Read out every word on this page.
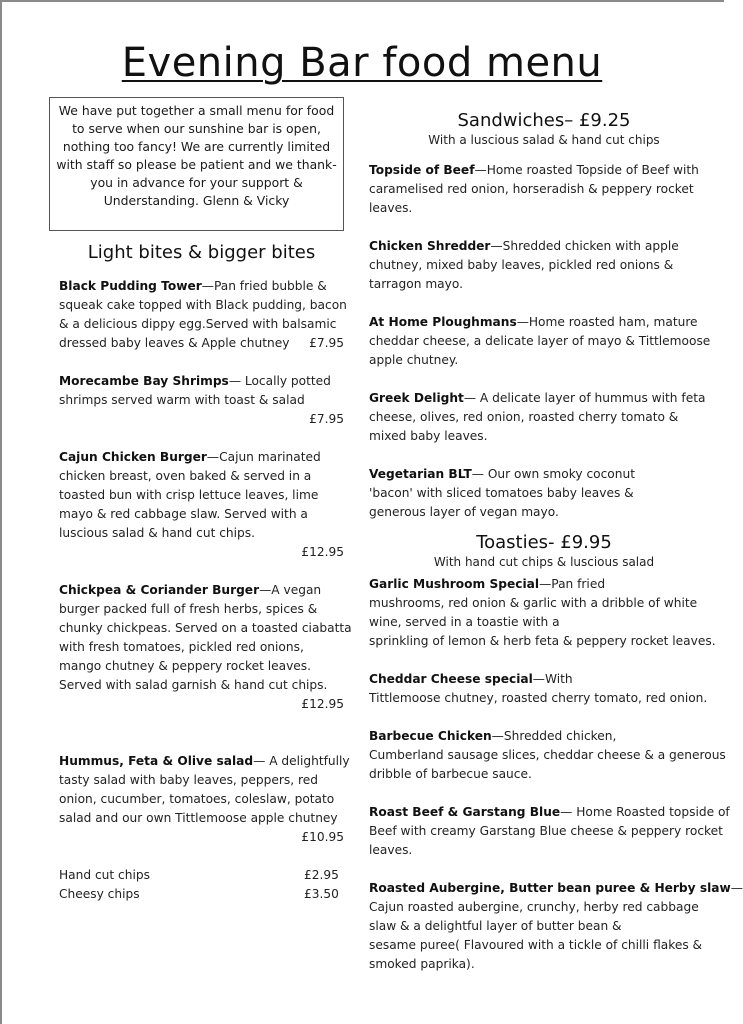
Evening Bar food menu
We have put together a small menu for food
to serve when our sunshine bar is open,
nothing too fancy! We are currently limited
with staff so please be patient and we thank-
you in advance for your support &
Understanding. Glenn & Vicky
Light bites & bigger bites
Black Pudding Tower—Pan fried bubble &
squeak cake topped with Black pudding, bacon
& a delicious dippy egg.Served with balsamic
dressed baby leaves & Apple chutney £7.95
Morecambe Bay Shrimps— Locally potted
shrimps served warm with toast & salad
£7.95
Cajun Chicken Burger—Cajun marinated
chicken breast, oven baked & served in a
toasted bun with crisp lettuce leaves, lime
mayo & red cabbage slaw. Served with a
luscious salad & hand cut chips.
£12.95
Chickpea & Coriander Burger—A vegan
burger packed full of fresh herbs, spices &
chunky chickpeas. Served on a toasted ciabatta
with fresh tomatoes, pickled red onions,
mango chutney & peppery rocket leaves.
Served with salad garnish & hand cut chips.
£12.95
Hummus, Feta & Olive salad— A delightfully
tasty salad with baby leaves, peppers, red
onion, cucumber, tomatoes, coleslaw, potato
salad and our own Tittlemoose apple chutney
£10.95
Hand cut chips	£2.95
Cheesy chips	£3.50
Sandwiches– £9.25
With a luscious salad & hand cut chips
Topside of Beef—Home roasted Topside of Beef with
caramelised red onion, horseradish & peppery rocket
leaves.
Chicken Shredder—Shredded chicken with apple
chutney, mixed baby leaves, pickled red onions &
tarragon mayo.
At Home Ploughmans—Home roasted ham, mature
cheddar cheese, a delicate layer of mayo & Tittlemoose
apple chutney.
Greek Delight— A delicate layer of hummus with feta
cheese, olives, red onion, roasted cherry tomato &
mixed baby leaves.
Vegetarian BLT— Our own smoky coconut
'bacon' with sliced tomatoes baby leaves &
generous layer of vegan mayo.
Toasties- £9.95
With hand cut chips & luscious salad
Garlic Mushroom Special—Pan fried
mushrooms, red onion & garlic with a dribble of white
wine, served in a toastie with a
sprinkling of lemon & herb feta & peppery rocket leaves.
Cheddar Cheese special—With
Tittlemoose chutney, roasted cherry tomato, red onion.
Barbecue Chicken—Shredded chicken,
Cumberland sausage slices, cheddar cheese & a generous
dribble of barbecue sauce.
Roast Beef & Garstang Blue— Home Roasted topside of
Beef with creamy Garstang Blue cheese & peppery rocket
leaves.
Roasted Aubergine, Butter bean puree & Herby slaw—
Cajun roasted aubergine, crunchy, herby red cabbage
slaw & a delightful layer of butter bean &
sesame puree( Flavoured with a tickle of chilli flakes &
smoked paprika).
